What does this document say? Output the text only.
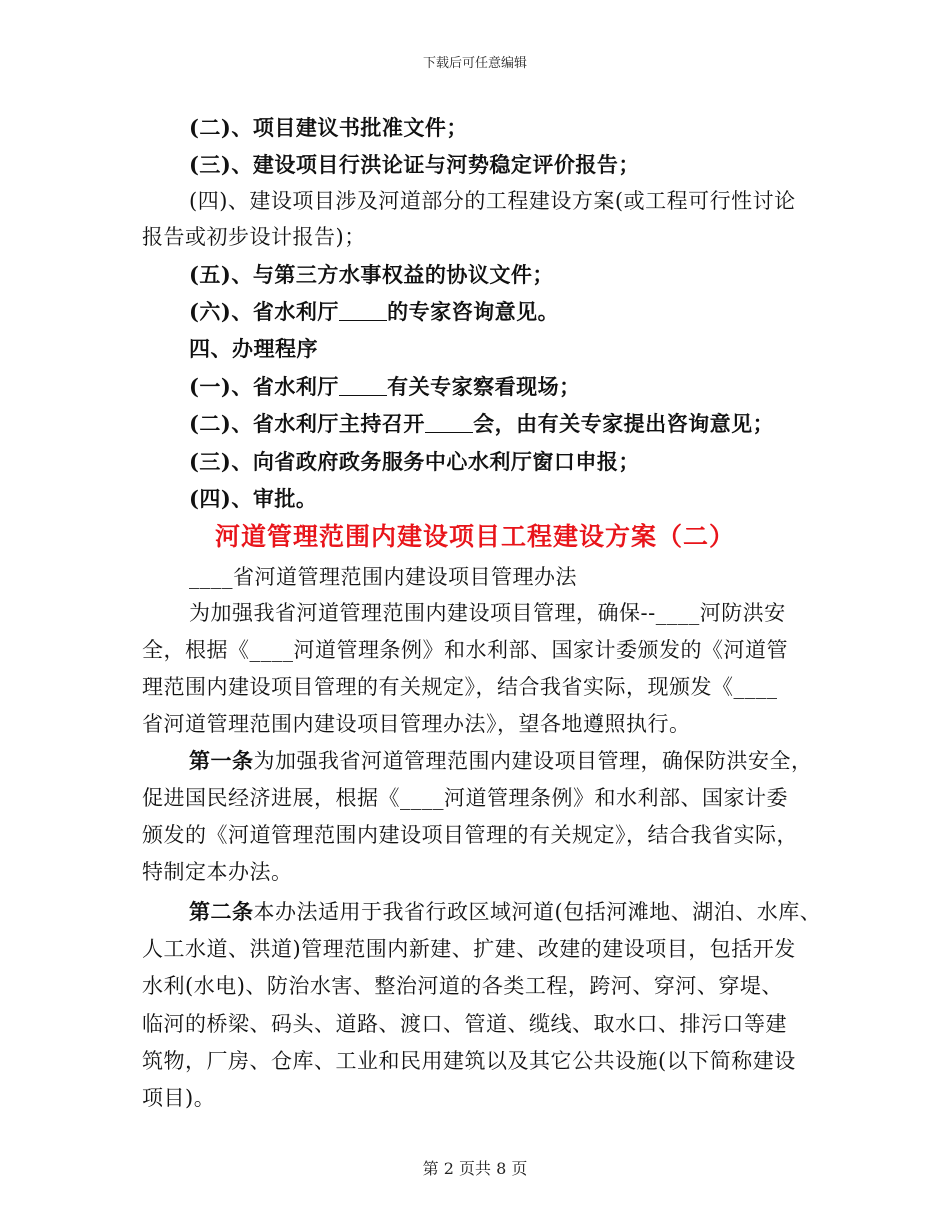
下载后可任意编辑
(二)、项目建议书批准文件；
(三)、建设项目行洪论证与河势稳定评价报告；
(四)、建设项目涉及河道部分的工程建设方案(或工程可行性讨论
报告或初步设计报告)；
(五)、与第三方水事权益的协议文件；
(六)、省水利厅 的专家咨询意见。
四、办理程序
(一)、省水利厅 有关专家察看现场；
(二)、省水利厅主持召开 会，由有关专家提出咨询意见；
(三)、向省政府政务服务中心水利厅窗口申报；
(四)、审批。
河道管理范围内建设项目工程建设方案（二）
____省河道管理范围内建设项目管理办法
为加强我省河道管理范围内建设项目管理，确保--____河防洪安
全，根据《____河道管理条例》和水利部、国家计委颁发的《河道管
理范围内建设项目管理的有关规定》，结合我省实际，现颁发《____
省河道管理范围内建设项目管理办法》，望各地遵照执行。
第一条为加强我省河道管理范围内建设项目管理，确保防洪安全，
促进国民经济进展，根据《____河道管理条例》和水利部、国家计委
颁发的《河道管理范围内建设项目管理的有关规定》，结合我省实际，
特制定本办法。
第二条本办法适用于我省行政区域河道(包括河滩地、湖泊、水库、
人工水道、洪道)管理范围内新建、扩建、改建的建设项目，包括开发
水利(水电)、防治水害、整治河道的各类工程，跨河、穿河、穿堤、
临河的桥梁、码头、道路、渡口、管道、缆线、取水口、排污口等建
筑物，厂房、仓库、工业和民用建筑以及其它公共设施(以下简称建设
项目)。
第 2 页共 8 页
